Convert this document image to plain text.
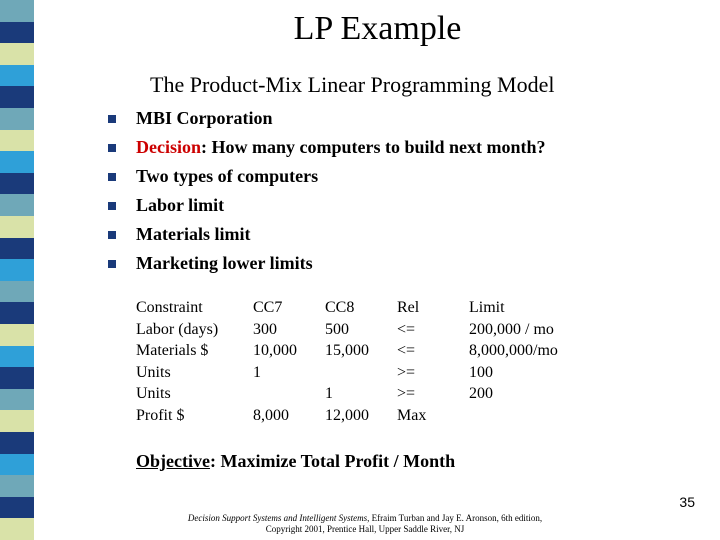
LP Example
The Product-Mix Linear Programming Model
MBI Corporation
Decision: How many computers to build next month?
Two types of computers
Labor limit
Materials limit
Marketing lower limits
Constraint
Labor (days)
Materials $
Units
Units
Profit $
CC7
300
10,000
1
8,000
CC8
500
15,000
1
12,000
Rel
<=
<=
>=
>=
Max
Limit
200,000 / mo
8,000,000/mo
100
200
Objective: Maximize Total Profit / Month
35
Decision Support Systems and Intelligent Systems, Efraim Turban and Jay E. Aronson, 6th edition,
Copyright 2001, Prentice Hall, Upper Saddle River, NJ
